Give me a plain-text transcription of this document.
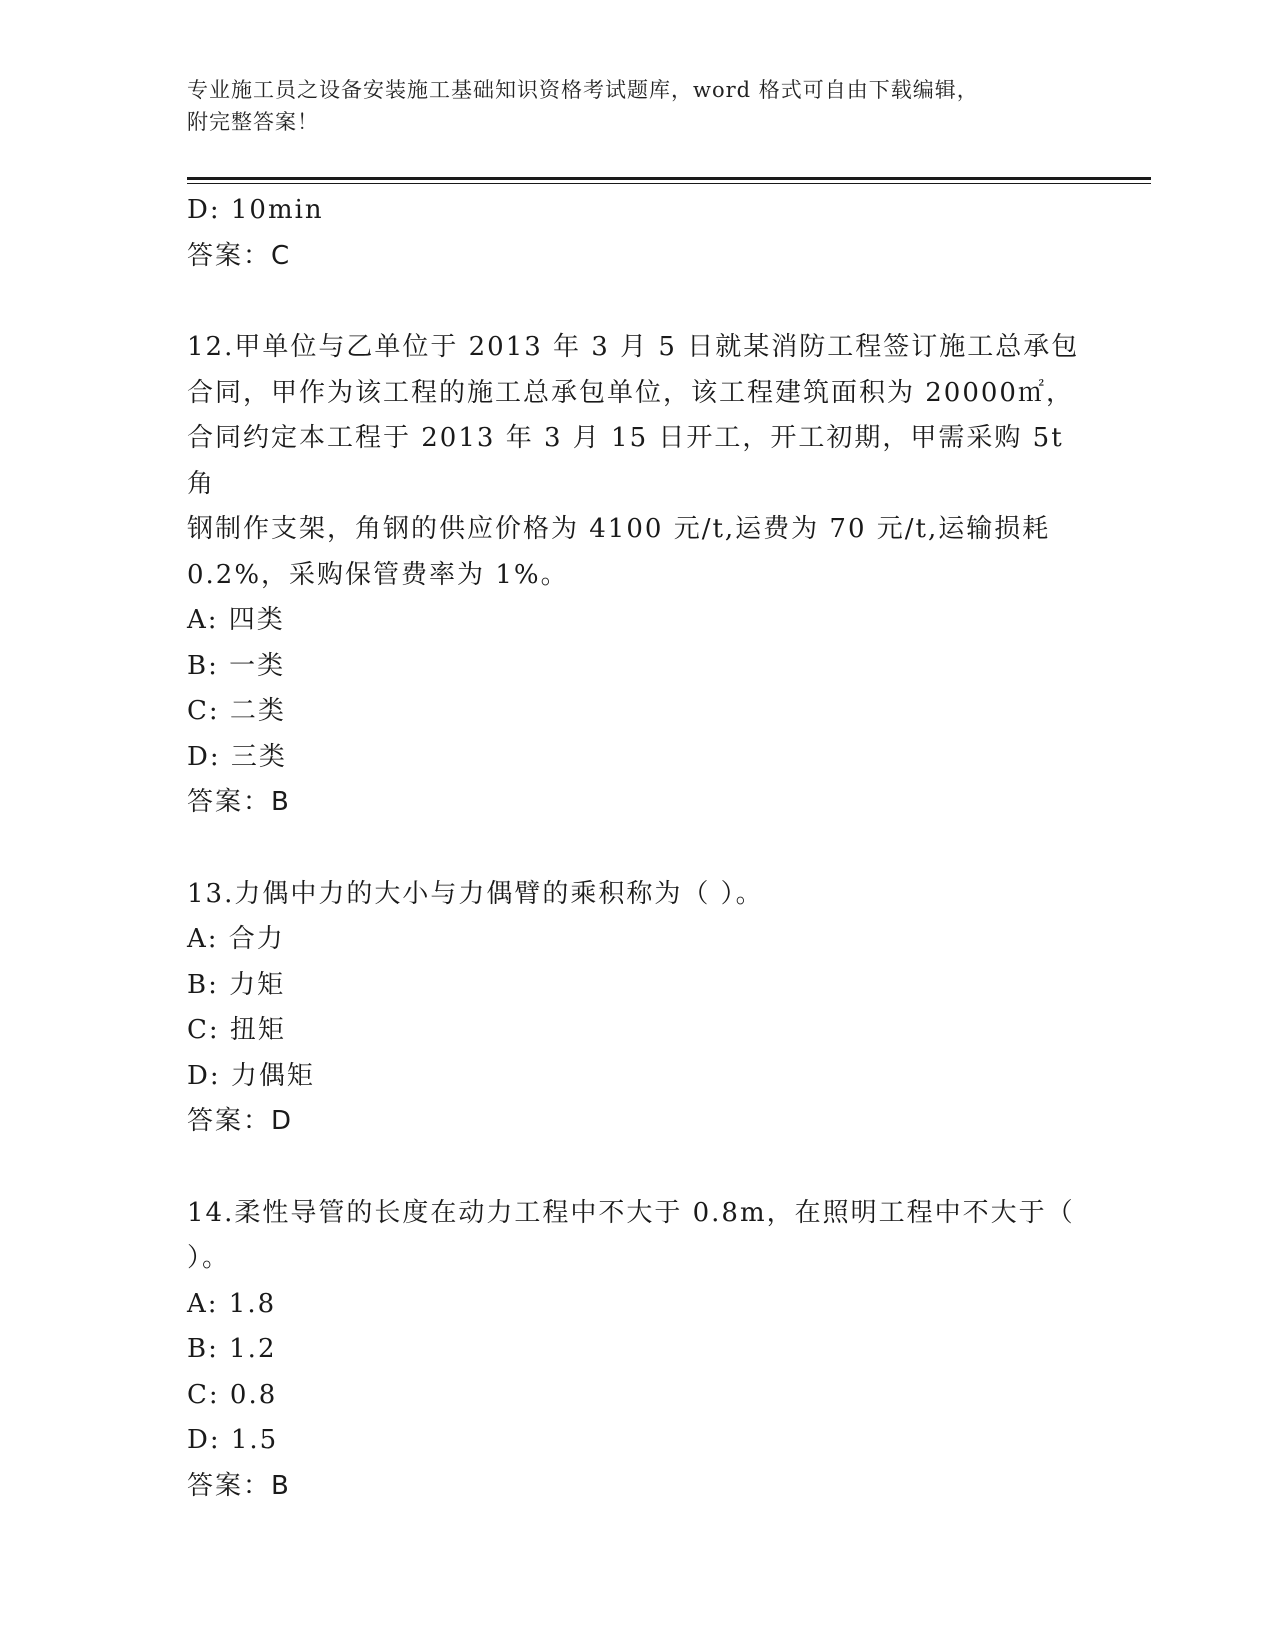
专业施工员之设备安装施工基础知识资格考试题库，word 格式可自由下载编辑，
附完整答案！
D: 10min
答案：C
12.甲单位与乙单位于 2013 年 3 月 5 日就某消防工程签订施工总承包
合同，甲作为该工程的施工总承包单位，该工程建筑面积为 20000㎡，
合同约定本工程于 2013 年 3 月 15 日开工，开工初期，甲需采购 5t 角
钢制作支架，角钢的供应价格为 4100 元/t,运费为 70 元/t,运输损耗
0.2%，采购保管费率为 1%。
A: 四类
B: 一类
C: 二类
D: 三类
答案：B
13.力偶中力的大小与力偶臂的乘积称为（ ）。
A: 合力
B: 力矩
C: 扭矩
D: 力偶矩
答案：D
14.柔性导管的长度在动力工程中不大于 0.8m，在照明工程中不大于（
）。
A: 1.8
B: 1.2
C: 0.8
D: 1.5
答案：B
